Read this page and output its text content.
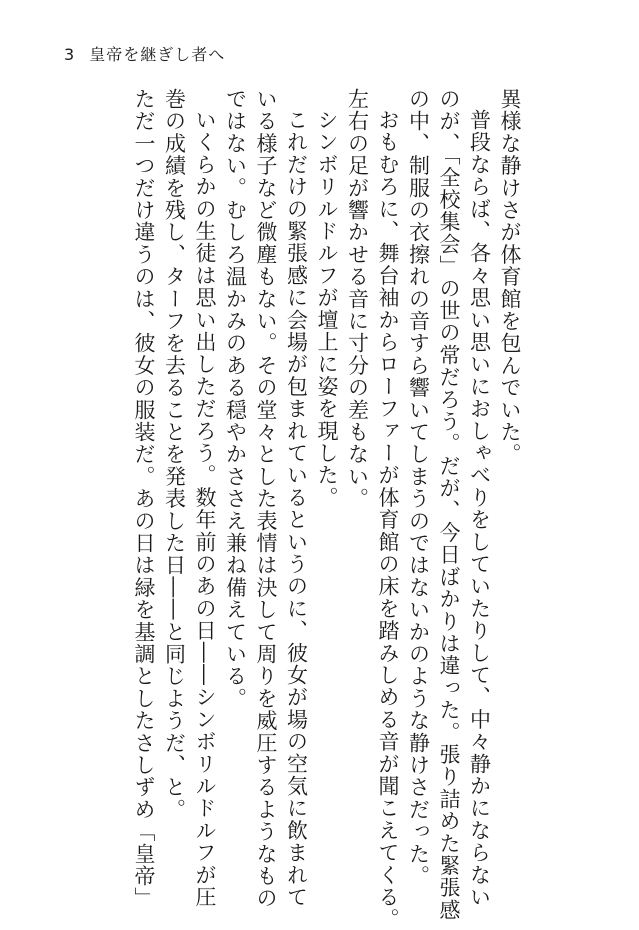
3 皇帝を継ぎし者へ

異様な静けさが体育館を包んでいた。

普段ならば、各々思い思いにおしゃべりをしていたりして、中々静かにならない

のが、「全校集会」の世の常だろう。だが、今日ばかりは違った。張り詰めた緊張感

の中、制服の衣擦れの音すら響いてしまうのではないかのような静けさだった。

おもむろに、舞台袖からローファーが体育館の床を踏みしめる音が聞こえてくる。

左右の足が響かせる音に寸分の差もない。

シンボリルドルフが壇上に姿を現した。

これだけの緊張感に会場が包まれているというのに、彼女が場の空気に飲まれて

いる様子など微塵もない。その堂々とした表情は決して周りを威圧するようなもの

ではない。むしろ温かみのある穏やかささえ兼ね備えている。

いくらかの生徒は思い出しただろう。数年前のあの日――シンボリルドルフが圧

巻の成績を残し、ターフを去ることを発表した日――と同じようだ、と。

ただ一つだけ違うのは、彼女の服装だ。あの日は緑を基調としたさしずめ「皇帝」
